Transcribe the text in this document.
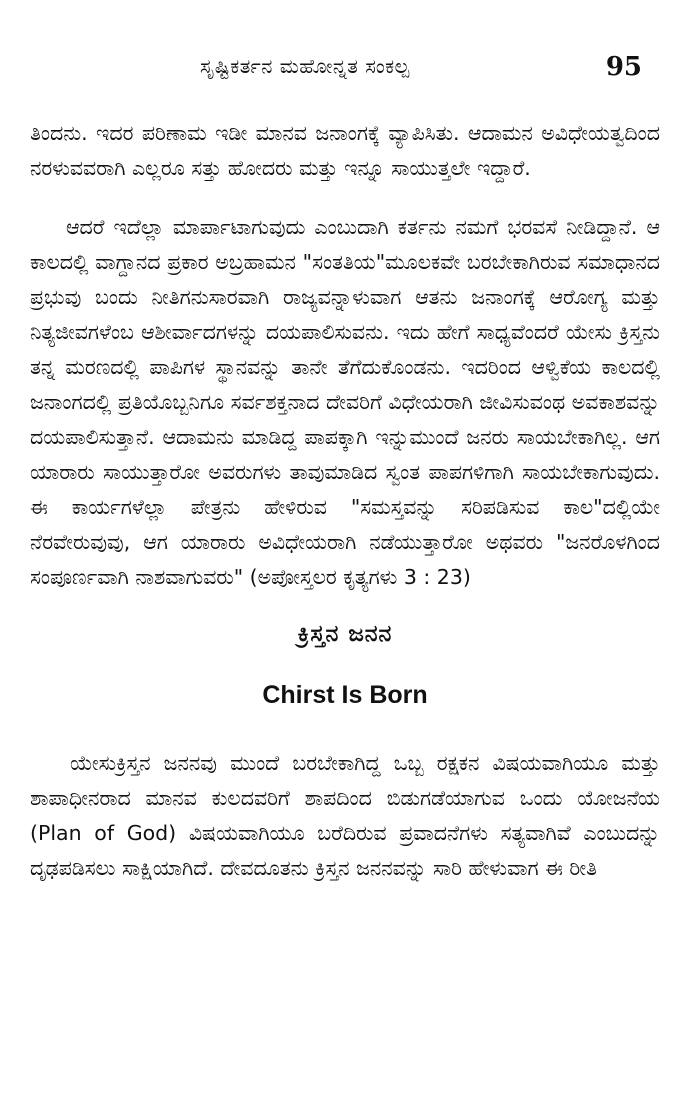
ಸೃಷ್ಟಿಕರ್ತನ ಮಹೋನ್ನತ ಸಂಕಲ್ಪ	95

ತಿಂದನು. ಇದರ ಪರಿಣಾಮ ಇಡೀ ಮಾನವ ಜನಾಂಗಕ್ಕೆ ವ್ಯಾಪಿಸಿತು. ಆದಾಮನ ಅವಿಧೇಯತ್ವದಿಂದ ನರಳುವವರಾಗಿ ಎಲ್ಲರೂ ಸತ್ತು ಹೋದರು ಮತ್ತು ಇನ್ನೂ ಸಾಯುತ್ತಲೇ ಇದ್ದಾರೆ.

ಆದರೆ ಇದೆಲ್ಲಾ ಮಾರ್ಪಾಟಾಗುವುದು ಎಂಬುದಾಗಿ ಕರ್ತನು ನಮಗೆ ಭರವಸೆ ನೀಡಿದ್ದಾನೆ. ಆ ಕಾಲದಲ್ಲಿ ವಾಗ್ದಾನದ ಪ್ರಕಾರ ಅಬ್ರಹಾಮನ "ಸಂತತಿಯ"ಮೂಲಕವೇ ಬರಬೇಕಾಗಿರುವ ಸಮಾಧಾನದ ಪ್ರಭುವು ಬಂದು ನೀತಿಗನುಸಾರವಾಗಿ ರಾಜ್ಯವನ್ನಾಳುವಾಗ ಆತನು ಜನಾಂಗಕ್ಕೆ ಆರೋಗ್ಯ ಮತ್ತು ನಿತ್ಯಜೀವಗಳೆಂಬ ಆಶೀರ್ವಾದಗಳನ್ನು ದಯಪಾಲಿಸುವನು. ಇದು ಹೇಗೆ ಸಾಧ್ಯವೆಂದರೆ ಯೇಸು ಕ್ರಿಸ್ತನು ತನ್ನ ಮರಣದಲ್ಲಿ ಪಾಪಿಗಳ ಸ್ಥಾನವನ್ನು ತಾನೇ ತೆಗೆದುಕೊಂಡನು. ಇದರಿಂದ ಆಳ್ವಿಕೆಯ ಕಾಲದಲ್ಲಿ ಜನಾಂಗದಲ್ಲಿ ಪ್ರತಿಯೊಬ್ಬನಿಗೂ ಸರ್ವಶಕ್ತನಾದ ದೇವರಿಗೆ ವಿಧೇಯರಾಗಿ ಜೀವಿಸುವಂಥ ಅವಕಾಶವನ್ನು ದಯಪಾಲಿಸುತ್ತಾನೆ. ಆದಾಮನು ಮಾಡಿದ್ದ ಪಾಪಕ್ಕಾಗಿ ಇನ್ನುಮುಂದೆ ಜನರು ಸಾಯಬೇಕಾಗಿಲ್ಲ. ಆಗ ಯಾರಾರು ಸಾಯುತ್ತಾರೋ ಅವರುಗಳು ತಾವುಮಾಡಿದ ಸ್ವಂತ ಪಾಪಗಳಿಗಾಗಿ ಸಾಯಬೇಕಾಗುವುದು. ಈ ಕಾರ್ಯಗಳೆಲ್ಲಾ ಪೇತ್ರನು ಹೇಳಿರುವ "ಸಮಸ್ತವನ್ನು ಸರಿಪಡಿಸುವ ಕಾಲ"ದಲ್ಲಿಯೇ ನೆರವೇರುವುವು, ಆಗ ಯಾರಾರು ಅವಿಧೇಯರಾಗಿ ನಡೆಯುತ್ತಾರೋ ಅಥವರು "ಜನರೊಳಗಿಂದ ಸಂಪೂರ್ಣವಾಗಿ ನಾಶವಾಗುವರು" (ಅಪೋಸ್ತಲರ ಕೃತ್ಯಗಳು 3 : 23)

ಕ್ರಿಸ್ತನ ಜನನ
Chirst Is Born

ಯೇಸುಕ್ರಿಸ್ತನ ಜನನವು ಮುಂದೆ ಬರಬೇಕಾಗಿದ್ದ ಒಬ್ಬ ರಕ್ಷಕನ ವಿಷಯವಾಗಿಯೂ ಮತ್ತು ಶಾಪಾಧೀನರಾದ ಮಾನವ ಕುಲದವರಿಗೆ ಶಾಪದಿಂದ ಬಿಡುಗಡೆಯಾಗುವ ಒಂದು ಯೋಜನೆಯ (Plan of God) ವಿಷಯವಾಗಿಯೂ ಬರೆದಿರುವ ಪ್ರವಾದನೆಗಳು ಸತ್ಯವಾಗಿವೆ ಎಂಬುದನ್ನು ದೃಢಪಡಿಸಲು ಸಾಕ್ಷಿಯಾಗಿದೆ. ದೇವದೂತನು ಕ್ರಿಸ್ತನ ಜನನವನ್ನು ಸಾರಿ ಹೇಳುವಾಗ ಈ ರೀತಿ
